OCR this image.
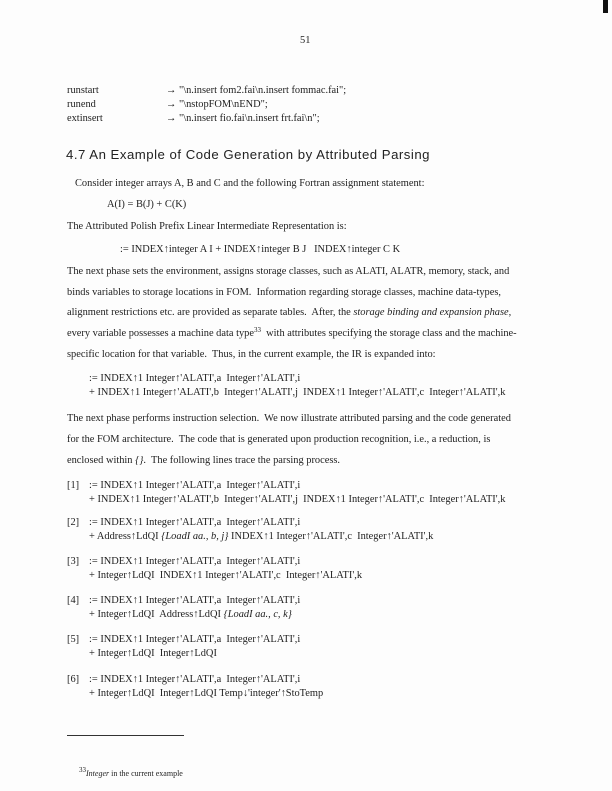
51
runstart	→ "\n.insert fom2.fai\n.insert fommac.fai";
runend	→ "\nstopFOM\nEND";
extinsert	→ "\n.insert fio.fai\n.insert frt.fai\n";
4.7 An Example of Code Generation by Attributed Parsing
Consider integer arrays A, B and C and the following Fortran assignment statement:
A(I) = B(J) + C(K)
The Attributed Polish Prefix Linear Intermediate Representation is:
:= INDEX↑integer A I + INDEX↑integer B J   INDEX↑integer C K
The next phase sets the environment, assigns storage classes, such as ALATI, ALATR, memory, stack, and
binds variables to storage locations in FOM.  Information regarding storage classes, machine data-types,
alignment restrictions etc. are provided as separate tables.  After, the storage binding and expansion phase,
every variable possesses a machine data type$^{33}$  with attributes specifying the storage class and the machine-
specific location for that variable.  Thus, in the current example, the IR is expanded into:
:= INDEX↑1 Integer↑'ALATI',a  Integer↑'ALATI',i
+ INDEX↑1 Integer↑'ALATI',b  Integer↑'ALATI',j  INDEX↑1 Integer↑'ALATI',c  Integer↑'ALATI',k
The next phase performs instruction selection.  We now illustrate attributed parsing and the code generated
for the FOM architecture.  The code that is generated upon production recognition, i.e., a reduction, is
enclosed within {}.  The following lines trace the parsing process.
[1] := INDEX↑1 Integer↑'ALATI',a  Integer↑'ALATI',i
+ INDEX↑1 Integer↑'ALATI',b  Integer↑'ALATI',j  INDEX↑1 Integer↑'ALATI',c  Integer↑'ALATI',k
[2] := INDEX↑1 Integer↑'ALATI',a  Integer↑'ALATI',i
+ Address↑LdQI {LoadI aa., b, j} INDEX↑1 Integer↑'ALATI',c  Integer↑'ALATI',k
[3] := INDEX↑1 Integer↑'ALATI',a  Integer↑'ALATI',i
+ Integer↑LdQI  INDEX↑1 Integer↑'ALATI',c  Integer↑'ALATI',k
[4] := INDEX↑1 Integer↑'ALATI',a  Integer↑'ALATI',i
+ Integer↑LdQI  Address↑LdQI {LoadI aa., c, k}
[5] := INDEX↑1 Integer↑'ALATI',a  Integer↑'ALATI',i
+ Integer↑LdQI  Integer↑LdQI
[6] := INDEX↑1 Integer↑'ALATI',a  Integer↑'ALATI',i
+ Integer↑LdQI  Integer↑LdQI Temp↓'integer'↑StoTemp
$^{33}$Integer in the current example
